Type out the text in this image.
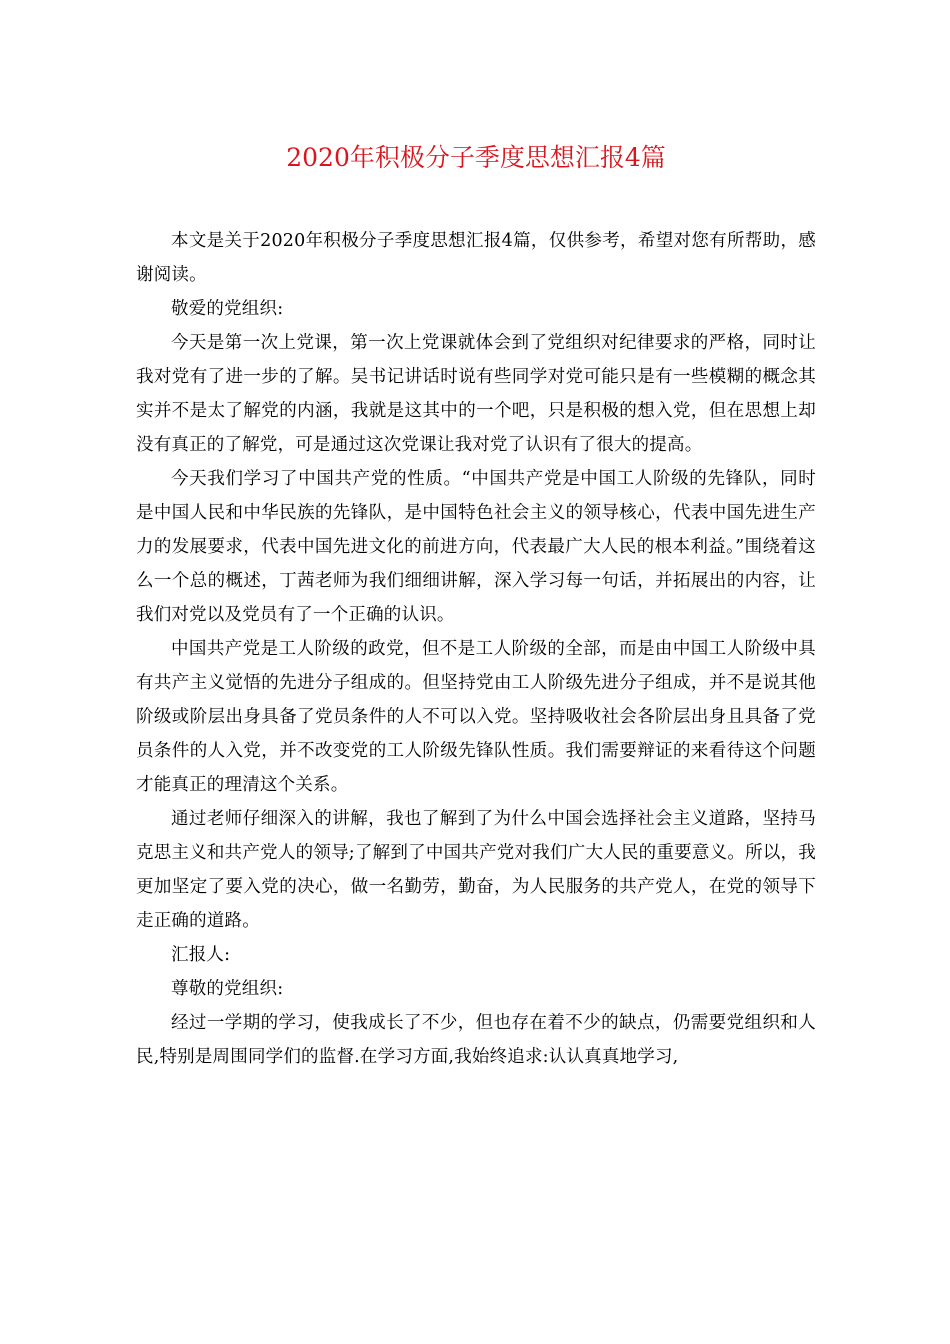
2020年积极分子季度思想汇报4篇

本文是关于2020年积极分子季度思想汇报4篇，仅供参考，希望对您有所帮助，感谢阅读。

敬爱的党组织:

今天是第一次上党课，第一次上党课就体会到了党组织对纪律要求的严格，同时让我对党有了进一步的了解。吴书记讲话时说有些同学对党可能只是有一些模糊的概念其实并不是太了解党的内涵，我就是这其中的一个吧，只是积极的想入党，但在思想上却没有真正的了解党，可是通过这次党课让我对党了认识有了很大的提高。

今天我们学习了中国共产党的性质。“中国共产党是中国工人阶级的先锋队，同时是中国人民和中华民族的先锋队，是中国特色社会主义的领导核心，代表中国先进生产力的发展要求，代表中国先进文化的前进方向，代表最广大人民的根本利益。”围绕着这么一个总的概述，丁茜老师为我们细细讲解，深入学习每一句话，并拓展出的内容，让我们对党以及党员有了一个正确的认识。

中国共产党是工人阶级的政党，但不是工人阶级的全部，而是由中国工人阶级中具有共产主义觉悟的先进分子组成的。但坚持党由工人阶级先进分子组成，并不是说其他阶级或阶层出身具备了党员条件的人不可以入党。坚持吸收社会各阶层出身且具备了党员条件的人入党，并不改变党的工人阶级先锋队性质。我们需要辩证的来看待这个问题才能真正的理清这个关系。

通过老师仔细深入的讲解，我也了解到了为什么中国会选择社会主义道路，坚持马克思主义和共产党人的领导;了解到了中国共产党对我们广大人民的重要意义。所以，我更加坚定了要入党的决心，做一名勤劳，勤奋，为人民服务的共产党人，在党的领导下走正确的道路。

汇报人:

尊敬的党组织:

经过一学期的学习，使我成长了不少，但也存在着不少的缺点，仍需要党组织和人民,特别是周围同学们的监督.在学习方面,我始终追求:认认真真地学习,
